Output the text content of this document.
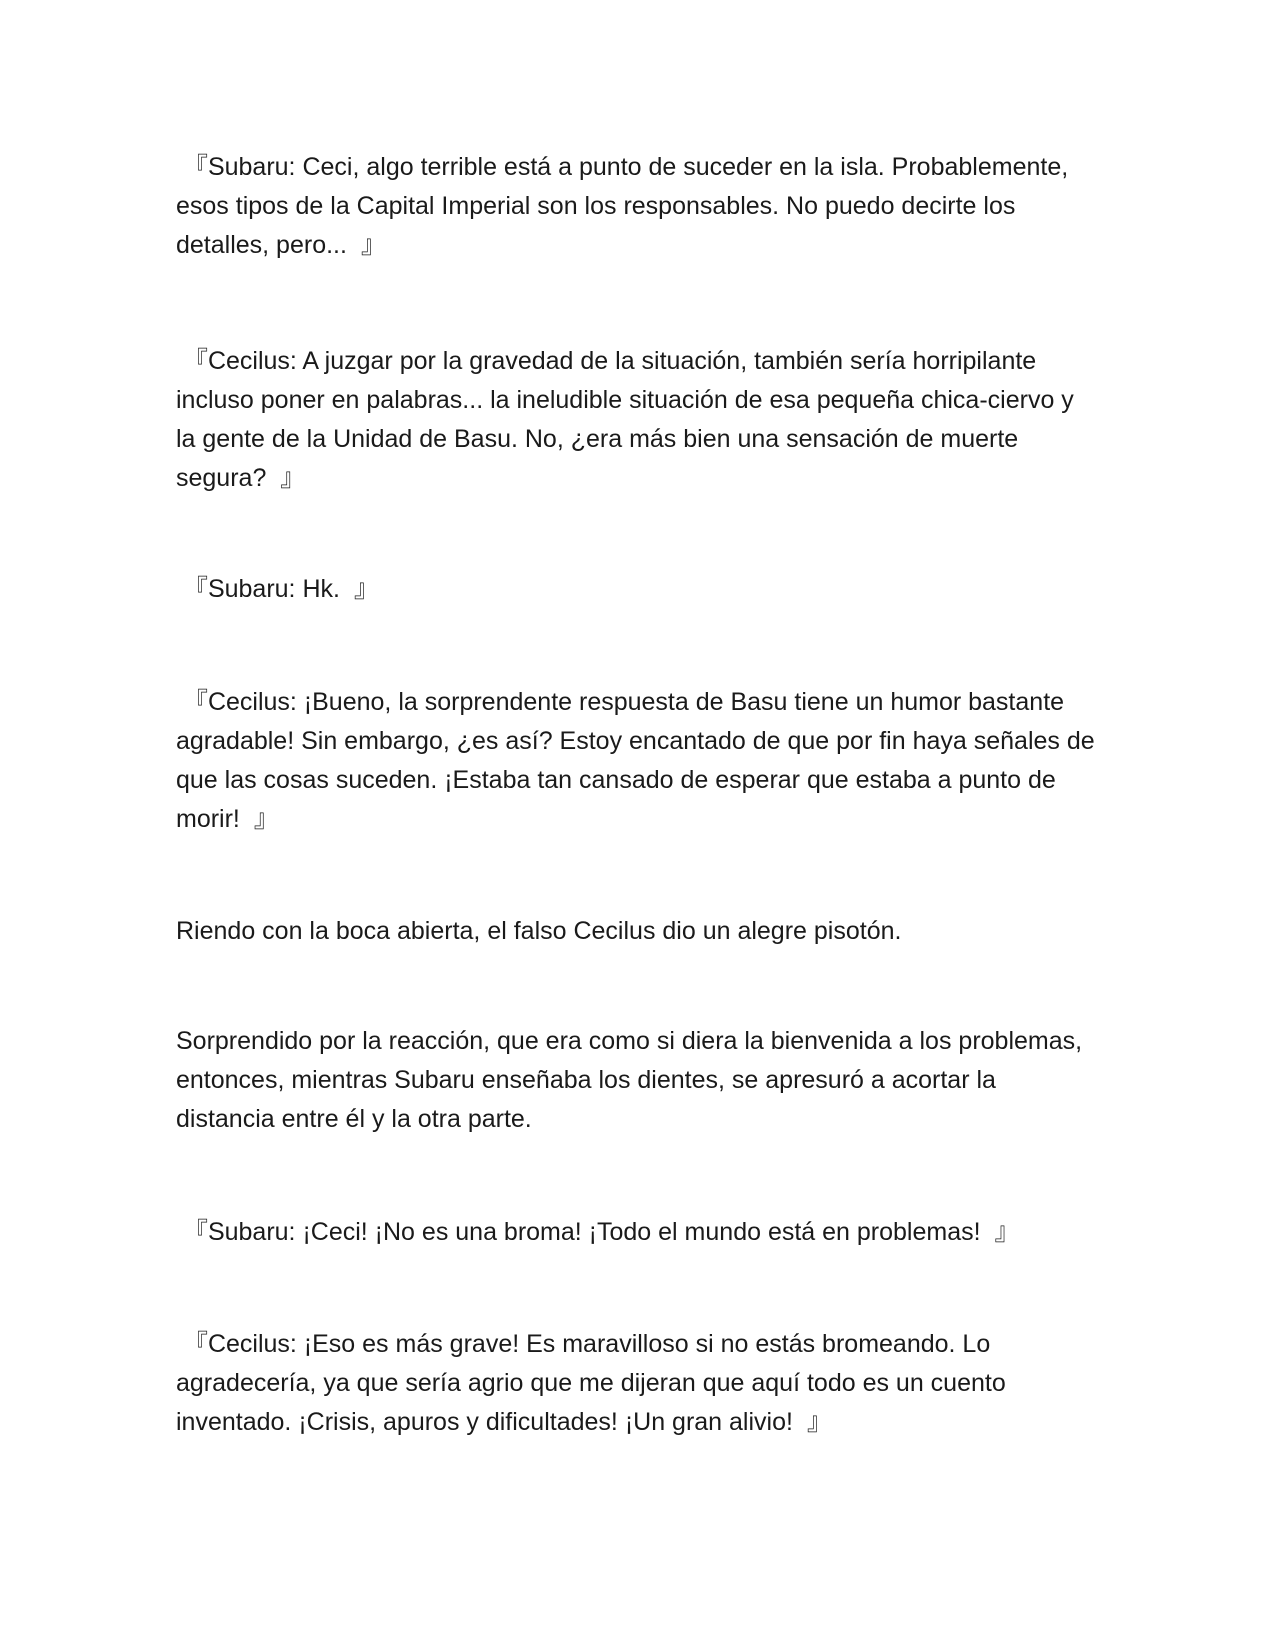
『Subaru: Ceci, algo terrible está a punto de suceder en la isla. Probablemente, esos tipos de la Capital Imperial son los responsables. No puedo decirte los detalles, pero...  』

『Cecilus: A juzgar por la gravedad de la situación, también sería horripilante incluso poner en palabras... la ineludible situación de esa pequeña chica-ciervo y la gente de la Unidad de Basu. No, ¿era más bien una sensación de muerte segura?  』

『Subaru: Hk.  』

『Cecilus: ¡Bueno, la sorprendente respuesta de Basu tiene un humor bastante agradable! Sin embargo, ¿es así? Estoy encantado de que por fin haya señales de que las cosas suceden. ¡Estaba tan cansado de esperar que estaba a punto de morir!  』

Riendo con la boca abierta, el falso Cecilus dio un alegre pisotón.

Sorprendido por la reacción, que era como si diera la bienvenida a los problemas, entonces, mientras Subaru enseñaba los dientes, se apresuró a acortar la distancia entre él y la otra parte.

『Subaru: ¡Ceci! ¡No es una broma! ¡Todo el mundo está en problemas!  』

『Cecilus: ¡Eso es más grave! Es maravilloso si no estás bromeando. Lo agradecería, ya que sería agrio que me dijeran que aquí todo es un cuento inventado. ¡Crisis, apuros y dificultades! ¡Un gran alivio!  』
